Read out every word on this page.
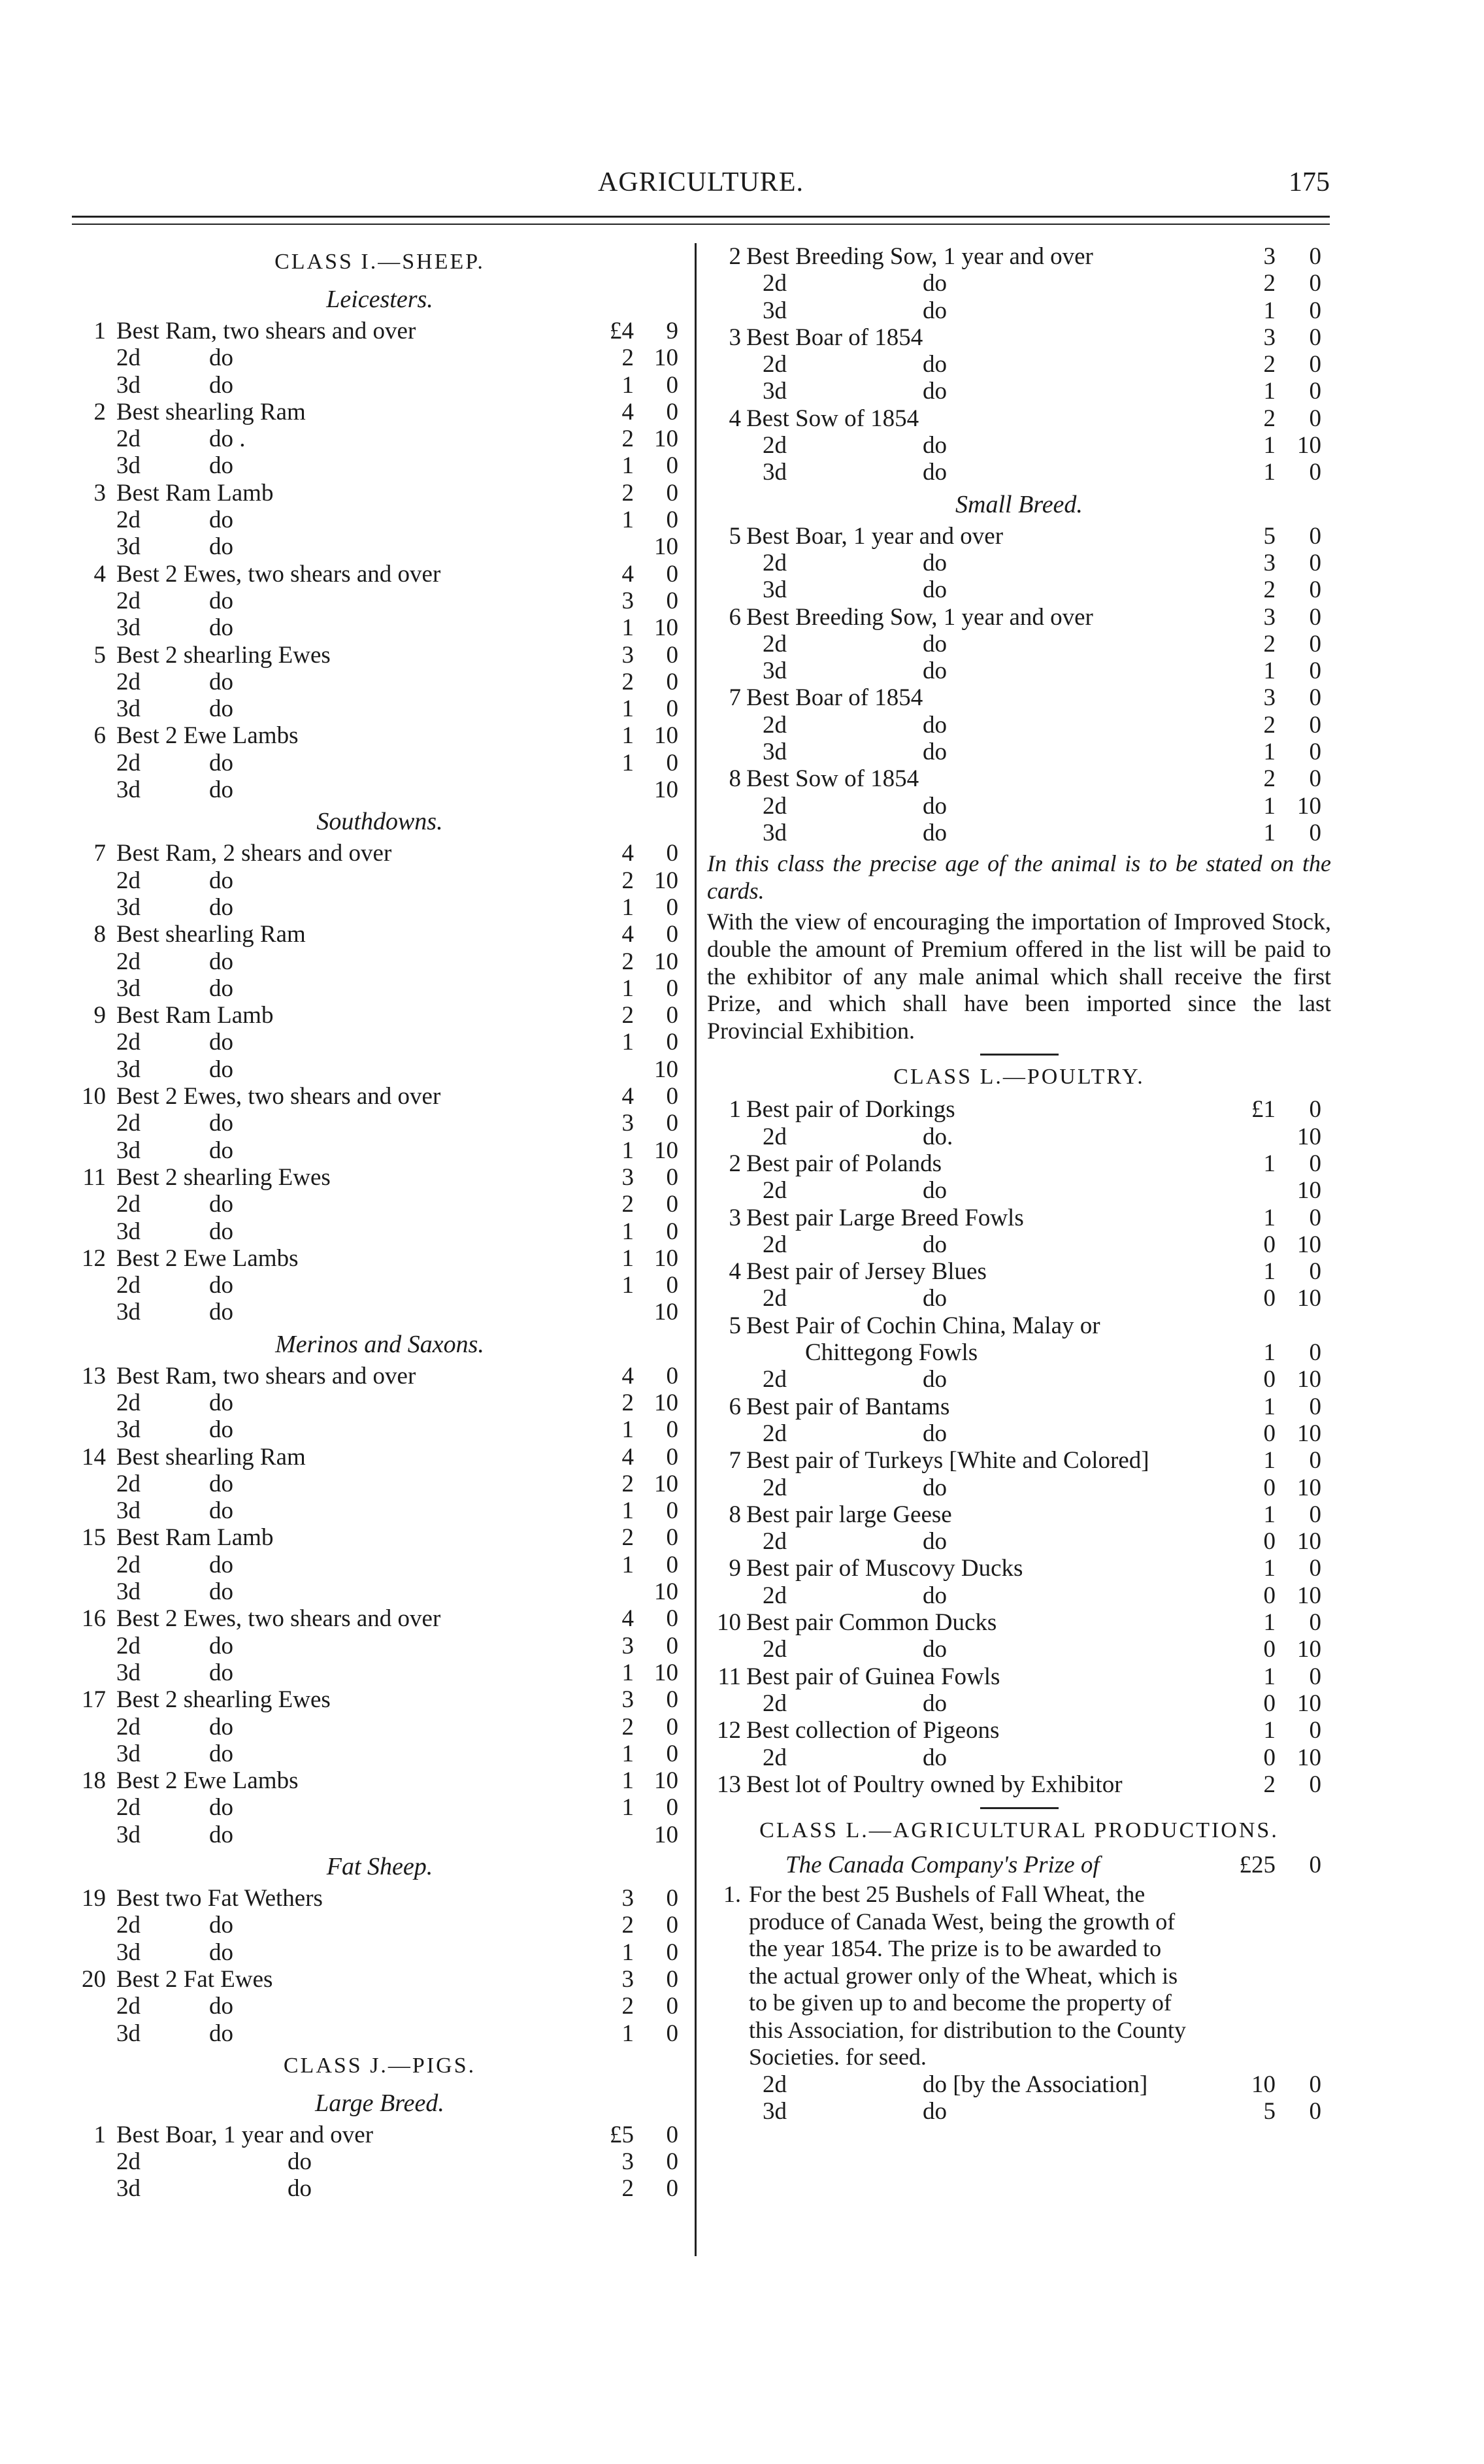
AGRICULTURE.	175
CLASS I.—SHEEP.
Leicesters.
1 Best Ram, two shears and over	£4	9
2d	do	2 10
3d	do	1	0
2 Best shearling Ram	4	0
2d	do .	2 10
3d	do	1	0
3 Best Ram Lamb	2	0
2d	do	1	0
3d	do	10
4 Best 2 Ewes, two shears and over	4	0
2d	do	3	0
3d	do	1 10
5 Best 2 shearling Ewes	3	0
2d	do	2	0
3d	do	1	0
6 Best 2 Ewe Lambs	1 10
2d	do	1	0
3d	do	10
Southdowns.
7 Best Ram, 2 shears and over	4	0
2d	do	2 10
3d	do	1	0
8 Best shearling Ram	4	0
2d	do	2 10
3d	do	1	0
9 Best Ram Lamb	2	0
2d	do	1	0
3d	do	10
10 Best 2 Ewes, two shears and over	4	0
2d	do	3	0
3d	do	1 10
11 Best 2 shearling Ewes	3	0
2d	do	2	0
3d	do	1	0
12 Best 2 Ewe Lambs	1 10
2d	do	1	0
3d	do	10
Merinos and Saxons.
13 Best Ram, two shears and over	4	0
2d	do	2 10
3d	do	1	0
14 Best shearling Ram	4	0
2d	do	2 10
3d	do	1	0
15 Best Ram Lamb	2	0
2d	do	1	0
3d	do	10
16 Best 2 Ewes, two shears and over	4	0
2d	do	3	0
3d	do	1 10
17 Best 2 shearling Ewes	3	0
2d	do	2	0
3d	do	1	0
18 Best 2 Ewe Lambs	1 10
2d	do	1	0
3d	do	10
Fat Sheep.
19 Best two Fat Wethers	3	0
2d	do	2	0
3d	do	1	0
20 Best 2 Fat Ewes	3	0
2d	do	2	0
3d	do	1	0
CLASS J.—PIGS.
Large Breed.
1 Best Boar, 1 year and over	£5	0
2d	do	3	0
3d	do	2	0
2 Best Breeding Sow, 1 year and over	3	0
2d	do	2	0
3d	do	1	0
3 Best Boar of 1854	3	0
2d	do	2	0
3d	do	1	0
4 Best Sow of 1854	2	0
2d	do	1 10
3d	do	1	0
Small Breed.
5 Best Boar, 1 year and over	5	0
2d	do	3	0
3d	do	2	0
6 Best Breeding Sow, 1 year and over	3	0
2d	do	2	0
3d	do	1	0
7 Best Boar of 1854	3	0
2d	do	2	0
3d	do	1	0
8 Best Sow of 1854	2	0
2d	do	1 10
3d	do	1	0
In this class the precise age of the animal is to be stated on the cards.
With the view of encouraging the importation of Improved Stock, double the amount of Premium offered in the list will be paid to the exhibitor of any male animal which shall receive the first Prize, and which shall have been imported since the last Provincial Exhibition.
CLASS L.—POULTRY.
1 Best pair of Dorkings	£1	0
2d	do.	10
2 Best pair of Polands	1	0
2d	do	10
3 Best pair Large Breed Fowls	1	0
2d	do	0 10
4 Best pair of Jersey Blues	1	0
2d	do	0 10
5 Best Pair of Cochin China, Malay or
Chittegong Fowls	1	0
2d	do	0 10
6 Best pair of Bantams	1	0
2d	do	0 10
7 Best pair of Turkeys [White and Colored]	1	0
2d	do	0 10
8 Best pair large Geese	1	0
2d	do	0 10
9 Best pair of Muscovy Ducks	1	0
2d	do	0 10
10 Best pair Common Ducks	1	0
2d	do	0 10
11 Best pair of Guinea Fowls	1	0
2d	do	0 10
12 Best collection of Pigeons	1	0
2d	do	0 10
13 Best lot of Poultry owned by Exhibitor	2	0
CLASS L.—AGRICULTURAL PRODUCTIONS.
The Canada Company's Prize of	£25	0
1. For the best 25 Bushels of Fall Wheat, the produce of Canada West, being the growth of the year 1854. The prize is to be awarded to the actual grower only of the Wheat, which is to be given up to and become the property of this Association, for distribution to the County Societies. for seed.
2d	do [by the Association]	10	0
3d	do	5	0
